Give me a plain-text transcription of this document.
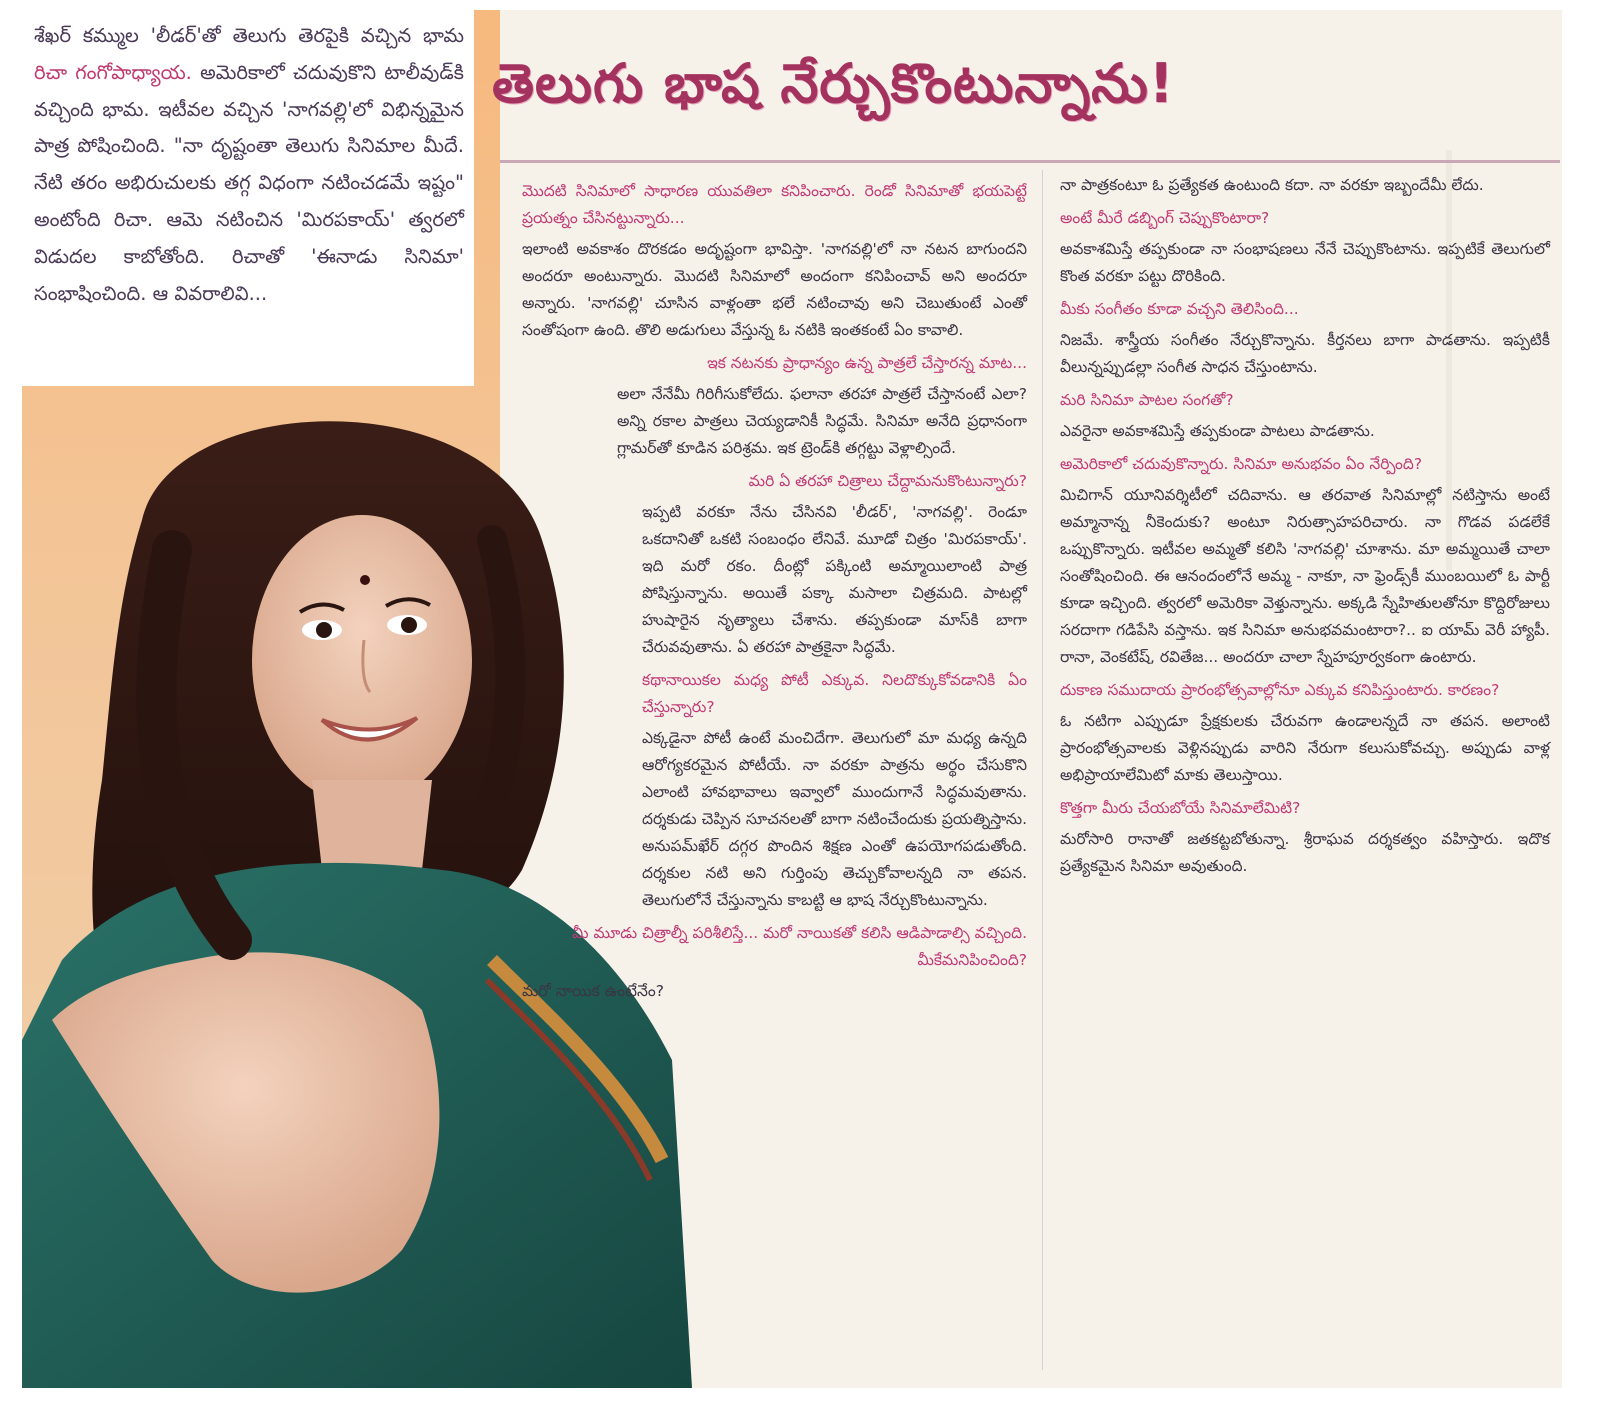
శేఖర్ కమ్ముల 'లీడర్'తో తెలుగు తెరపైకి వచ్చిన భామ రిచా గంగోపాధ్యాయ. అమెరికాలో చదువుకొని టాలీవుడ్‌కి వచ్చింది భామ. ఇటీవల వచ్చిన 'నాగవల్లి'లో విభిన్నమైన పాత్ర పోషించింది. "నా దృష్టంతా తెలుగు సినిమాల మీదే. నేటి తరం అభిరుచులకు తగ్గ విధంగా నటించడమే ఇష్టం" అంటోంది రిచా. ఆమె నటించిన 'మిరపకాయ్' త్వరలో విడుదల కాబోతోంది. రిచాతో 'ఈనాడు సినిమా' సంభాషించింది. ఆ వివరాలివి...
తెలుగు భాష నేర్చుకొంటున్నాను!

మొదటి సినిమాలో సాధారణ యువతిలా కనిపించారు. రెండో సినిమాతో భయపెట్టే ప్రయత్నం చేసినట్టున్నారు...

ఇలాంటి అవకాశం దొరకడం అదృష్టంగా భావిస్తా. 'నాగవల్లి'లో నా నటన బాగుందని అందరూ అంటున్నారు. మొదటి సినిమాలో అందంగా కనిపించావ్ అని అందరూ అన్నారు. 'నాగవల్లి' చూసిన వాళ్లంతా భలే నటించావు అని చెబుతుంటే ఎంతో సంతోషంగా ఉంది. తొలి అడుగులు వేస్తున్న ఓ నటికి ఇంతకంటే ఏం కావాలి.

ఇక నటనకు ప్రాధాన్యం ఉన్న పాత్రలే చేస్తారన్న మాట...

అలా నేనేమీ గిరిగీసుకోలేదు. ఫలానా తరహా పాత్రలే చేస్తానంటే ఎలా? అన్ని రకాల పాత్రలు చెయ్యడానికీ సిద్ధమే. సినిమా అనేది ప్రధానంగా గ్లామర్‌తో కూడిన పరిశ్రమ. ఇక ట్రెండ్‌కి తగ్గట్టు వెళ్లాల్సిందే.

మరి ఏ తరహా చిత్రాలు చేద్దామనుకొంటున్నారు?

ఇప్పటి వరకూ నేను చేసినవి 'లీడర్', 'నాగవల్లి'. రెండూ ఒకదానితో ఒకటి సంబంధం లేనివే. మూడో చిత్రం 'మిరపకాయ్'. ఇది మరో రకం. దీంట్లో పక్కింటి అమ్మాయిలాంటి పాత్ర పోషిస్తున్నాను. అయితే పక్కా మసాలా చిత్రమది. పాటల్లో హుషారైన నృత్యాలు చేశాను. తప్పకుండా మాస్‌కి బాగా చేరువవుతాను. ఏ తరహా పాత్రకైనా సిద్ధమే.

కథానాయికల మధ్య పోటీ ఎక్కువ. నిలదొక్కుకోవడానికి ఏం చేస్తున్నారు?

ఎక్కడైనా పోటీ ఉంటే మంచిదేగా. తెలుగులో మా మధ్య ఉన్నది ఆరోగ్యకరమైన పోటీయే. నా వరకూ పాత్రను అర్థం చేసుకొని ఎలాంటి హావభావాలు ఇవ్వాలో ముందుగానే సిద్ధమవుతాను. దర్శకుడు చెప్పిన సూచనలతో బాగా నటించేందుకు ప్రయత్నిస్తాను. అనుపమ్‌ఖేర్ దగ్గర పొందిన శిక్షణ ఎంతో ఉపయోగపడుతోంది. దర్శకుల నటి అని గుర్తింపు తెచ్చుకోవాలన్నది నా తపన. తెలుగులోనే చేస్తున్నాను కాబట్టి ఆ భాష నేర్చుకొంటున్నాను.

మీ మూడు చిత్రాల్నీ పరిశీలిస్తే... మరో నాయికతో కలిసి ఆడిపాడాల్సి వచ్చింది. మీకేమనిపించింది?

మరో నాయిక ఉంటేనేం?

నా పాత్రకంటూ ఓ ప్రత్యేకత ఉంటుంది కదా. నా వరకూ ఇబ్బందేమీ లేదు.

అంటే మీరే డబ్బింగ్ చెప్పుకొంటారా?

అవకాశమిస్తే తప్పకుండా నా సంభాషణలు నేనే చెప్పుకొంటాను. ఇప్పటికే తెలుగులో కొంత వరకూ పట్టు దొరికింది.

మీకు సంగీతం కూడా వచ్చని తెలిసింది...

నిజమే. శాస్త్రీయ సంగీతం నేర్చుకొన్నాను. కీర్తనలు బాగా పాడతాను. ఇప్పటికీ వీలున్నప్పుడల్లా సంగీత సాధన చేస్తుంటాను.

మరి సినిమా పాటల సంగతో?

ఎవరైనా అవకాశమిస్తే తప్పకుండా పాటలు పాడతాను.

అమెరికాలో చదువుకొన్నారు. సినిమా అనుభవం ఏం నేర్పింది?

మిచిగాన్ యూనివర్శిటీలో చదివాను. ఆ తరవాత సినిమాల్లో నటిస్తాను అంటే అమ్మానాన్న నీకెందుకు? అంటూ నిరుత్సాహపరిచారు. నా గొడవ పడలేకే ఒప్పుకొన్నారు. ఇటీవల అమ్మతో కలిసి 'నాగవల్లి' చూశాను. మా అమ్మయితే చాలా సంతోషించింది. ఈ ఆనందంలోనే అమ్మ - నాకూ, నా ఫ్రెండ్స్‌కీ ముంబయిలో ఓ పార్టీ కూడా ఇచ్చింది. త్వరలో అమెరికా వెళ్తున్నాను. అక్కడి స్నేహితులతోనూ కొద్దిరోజులు సరదాగా గడిపేసి వస్తాను. ఇక సినిమా అనుభవమంటారా?.. ఐ యామ్ వెరీ హ్యాపీ. రానా, వెంకటేష్, రవితేజ... అందరూ చాలా స్నేహపూర్వకంగా ఉంటారు.

దుకాణ సముదాయ ప్రారంభోత్సవాల్లోనూ ఎక్కువ కనిపిస్తుంటారు. కారణం?

ఓ నటిగా ఎప్పుడూ ప్రేక్షకులకు చేరువగా ఉండాలన్నదే నా తపన. అలాంటి ప్రారంభోత్సవాలకు వెళ్లినప్పుడు వారిని నేరుగా కలుసుకోవచ్చు. అప్పుడు వాళ్ల అభిప్రాయాలేమిటో మాకు తెలుస్తాయి.

కొత్తగా మీరు చేయబోయే సినిమాలేమిటి?

మరోసారి రానాతో జతకట్టబోతున్నా. శ్రీరాఘవ దర్శకత్వం వహిస్తారు. ఇదొక ప్రత్యేకమైన సినిమా అవుతుంది.
